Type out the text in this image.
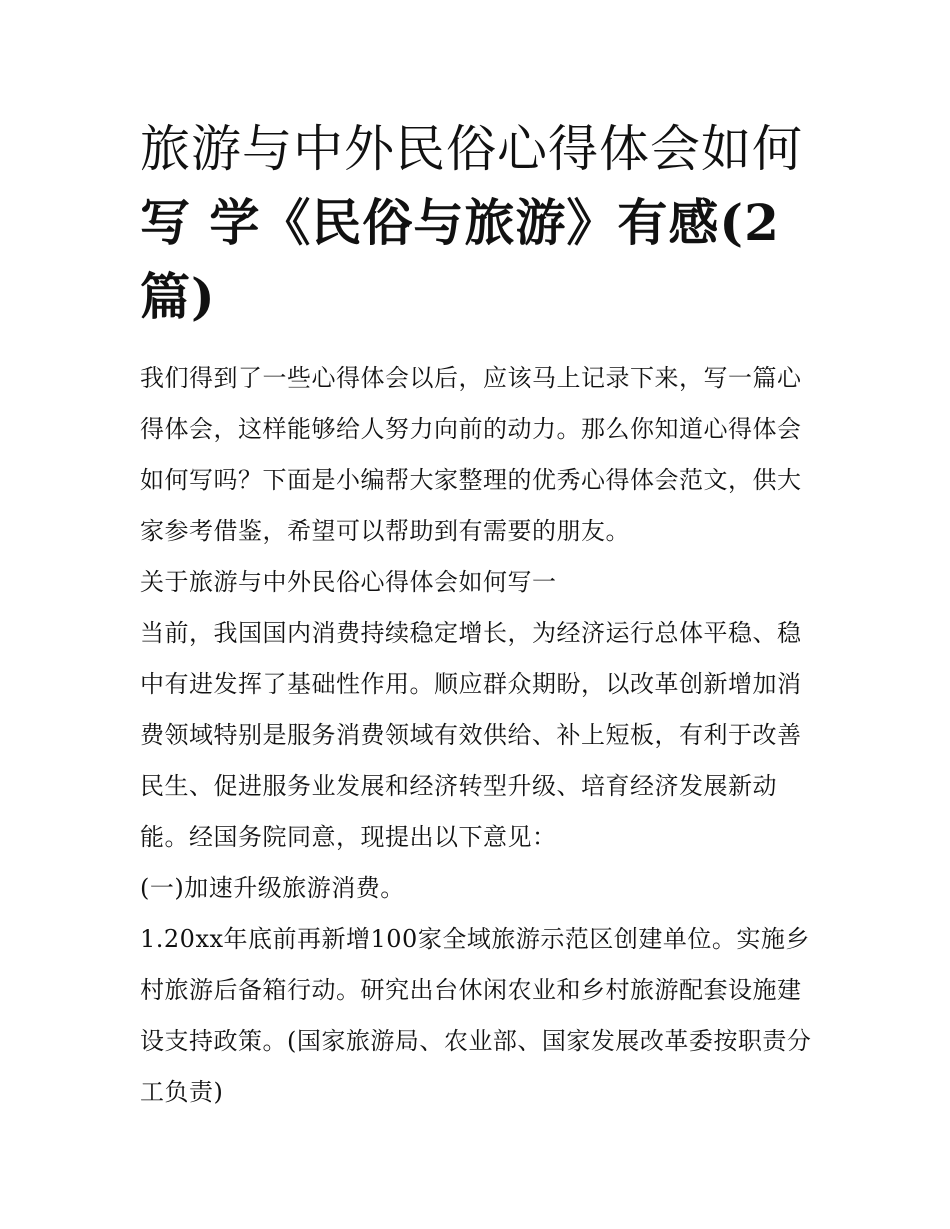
旅游与中外民俗心得体会如何
写 学《民俗与旅游》有感(2
篇)

我们得到了一些心得体会以后，应该马上记录下来，写一篇心得体会，这样能够给人努力向前的动力。那么你知道心得体会如何写吗？下面是小编帮大家整理的优秀心得体会范文，供大家参考借鉴，希望可以帮助到有需要的朋友。

关于旅游与中外民俗心得体会如何写一

当前，我国国内消费持续稳定增长，为经济运行总体平稳、稳中有进发挥了基础性作用。顺应群众期盼，以改革创新增加消费领域特别是服务消费领域有效供给、补上短板，有利于改善民生、促进服务业发展和经济转型升级、培育经济发展新动能。经国务院同意，现提出以下意见：

(一)加速升级旅游消费。

1.20xx年底前再新增100家全域旅游示范区创建单位。实施乡村旅游后备箱行动。研究出台休闲农业和乡村旅游配套设施建设支持政策。(国家旅游局、农业部、国家发展改革委按职责分工负责)
